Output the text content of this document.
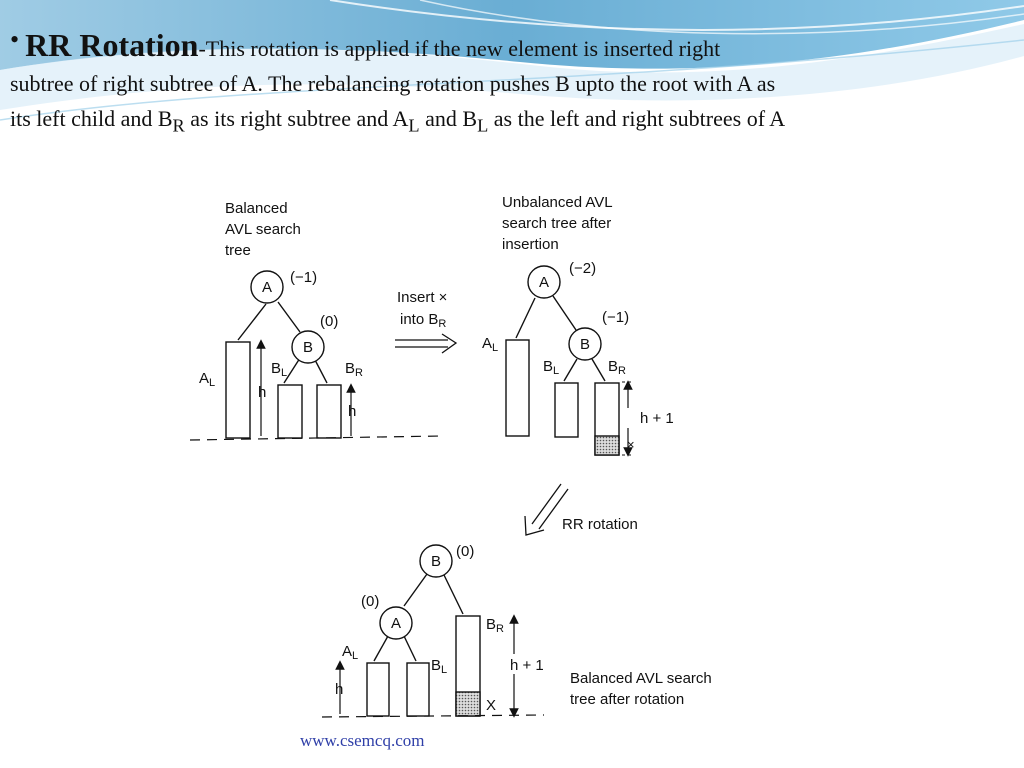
• RR Rotation-This rotation is applied if the new element is inserted right
subtree of right subtree of A. The rebalancing rotation pushes B upto the root with A as
its left child and $B_R$ as its right subtree and $A_L$ and $B_L$ as the left and right subtrees of A
Balanced
AVL search
tree
A
(−1)
B
(0)
$A_L$
$B_L$	$B_R$
h
h
Insert ×
into $B_R$
Unbalanced AVL
search tree after
insertion
A
(−2)
B
(−1)
$A_L$
$B_L$	$B_R$
h + 1
×
RR rotation
B
(0)
A
(0)
$A_L$
$B_L$
$B_R$
h
h + 1
X
Balanced AVL search
tree after rotation
www.csemcq.com
